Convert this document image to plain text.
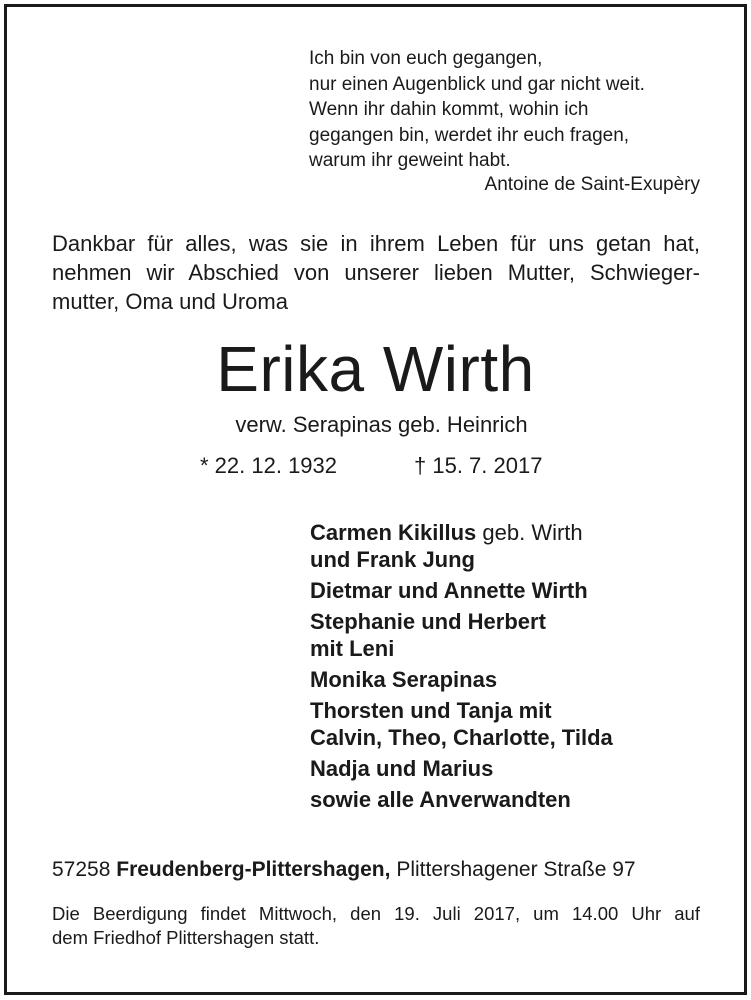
Ich bin von euch gegangen,
nur einen Augenblick und gar nicht weit.
Wenn ihr dahin kommt, wohin ich
gegangen bin, werdet ihr euch fragen,
warum ihr geweint habt.
Antoine de Saint-Exupèry
Dankbar für alles, was sie in ihrem Leben für uns getan hat,
nehmen wir Abschied von unserer lieben Mutter, Schwieger-
mutter, Oma und Uroma
Erika Wirth
verw. Serapinas geb. Heinrich
* 22. 12. 1932	† 15. 7. 2017
Carmen Kikillus geb. Wirth
und Frank Jung
Dietmar und Annette Wirth
Stephanie und Herbert
mit Leni
Monika Serapinas
Thorsten und Tanja mit
Calvin, Theo, Charlotte, Tilda
Nadja und Marius
sowie alle Anverwandten
57258 Freudenberg-Plittershagen, Plittershagener Straße 97
Die Beerdigung findet Mittwoch, den 19. Juli 2017, um 14.00 Uhr auf
dem Friedhof Plittershagen statt.
